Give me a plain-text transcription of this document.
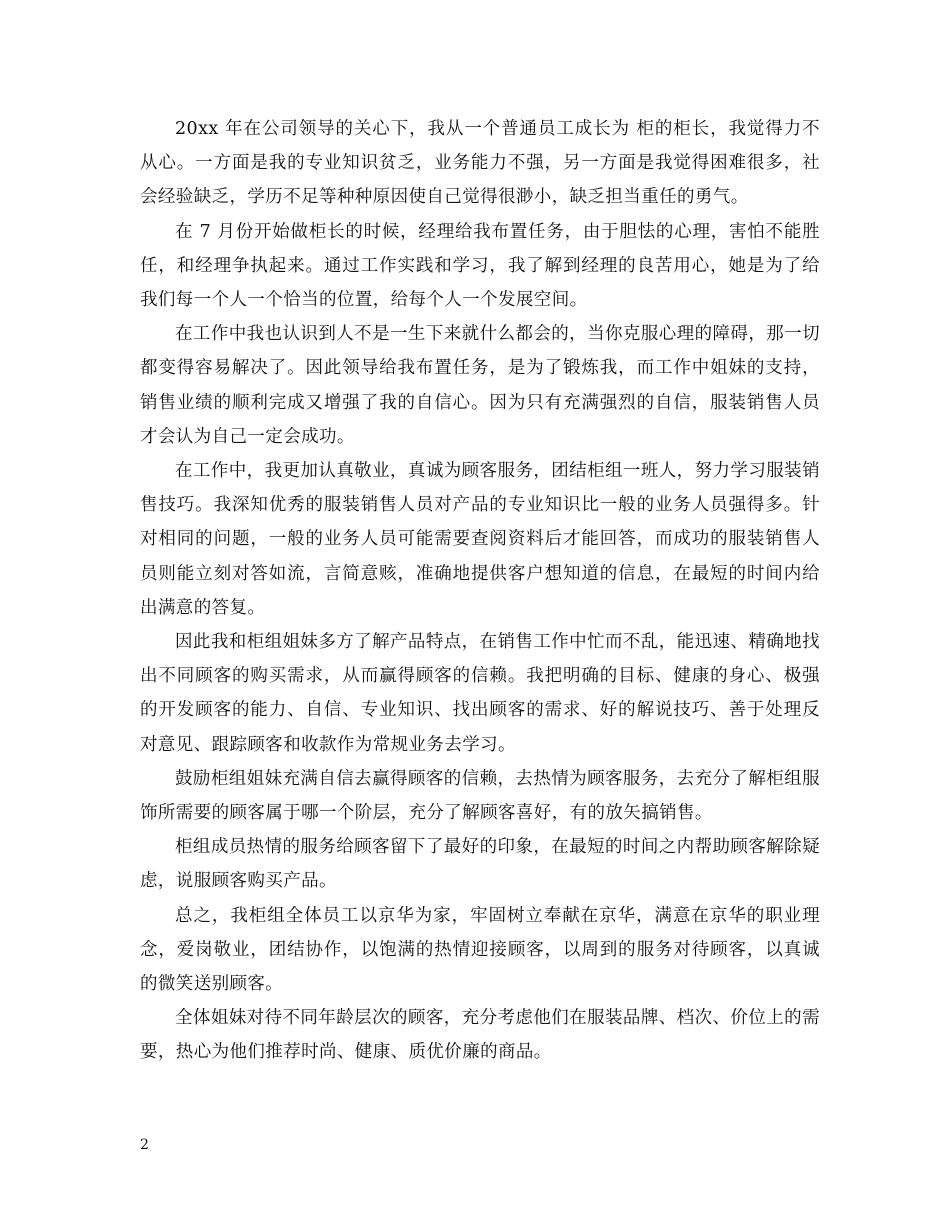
20xx 年在公司领导的关心下，我从一个普通员工成长为 柜的柜长，我觉得力不从心。一方面是我的专业知识贫乏，业务能力不强，另一方面是我觉得困难很多，社会经验缺乏，学历不足等种种原因使自己觉得很渺小，缺乏担当重任的勇气。

在 7 月份开始做柜长的时候，经理给我布置任务，由于胆怯的心理，害怕不能胜任，和经理争执起来。通过工作实践和学习，我了解到经理的良苦用心，她是为了给我们每一个人一个恰当的位置，给每个人一个发展空间。

在工作中我也认识到人不是一生下来就什么都会的，当你克服心理的障碍，那一切都变得容易解决了。因此领导给我布置任务，是为了锻炼我，而工作中姐妹的支持，销售业绩的顺利完成又增强了我的自信心。因为只有充满强烈的自信，服装销售人员才会认为自己一定会成功。

在工作中，我更加认真敬业，真诚为顾客服务，团结柜组一班人，努力学习服装销售技巧。我深知优秀的服装销售人员对产品的专业知识比一般的业务人员强得多。针对相同的问题，一般的业务人员可能需要查阅资料后才能回答，而成功的服装销售人员则能立刻对答如流，言简意赅，准确地提供客户想知道的信息，在最短的时间内给出满意的答复。

因此我和柜组姐妹多方了解产品特点，在销售工作中忙而不乱，能迅速、精确地找出不同顾客的购买需求，从而赢得顾客的信赖。我把明确的目标、健康的身心、极强的开发顾客的能力、自信、专业知识、找出顾客的需求、好的解说技巧、善于处理反对意见、跟踪顾客和收款作为常规业务去学习。

鼓励柜组姐妹充满自信去赢得顾客的信赖，去热情为顾客服务，去充分了解柜组服饰所需要的顾客属于哪一个阶层，充分了解顾客喜好，有的放矢搞销售。

柜组成员热情的服务给顾客留下了最好的印象，在最短的时间之内帮助顾客解除疑虑，说服顾客购买产品。

总之，我柜组全体员工以京华为家，牢固树立奉献在京华，满意在京华的职业理念，爱岗敬业，团结协作，以饱满的热情迎接顾客，以周到的服务对待顾客，以真诚的微笑送别顾客。

全体姐妹对待不同年龄层次的顾客，充分考虑他们在服装品牌、档次、价位上的需要，热心为他们推荐时尚、健康、质优价廉的商品。

2
